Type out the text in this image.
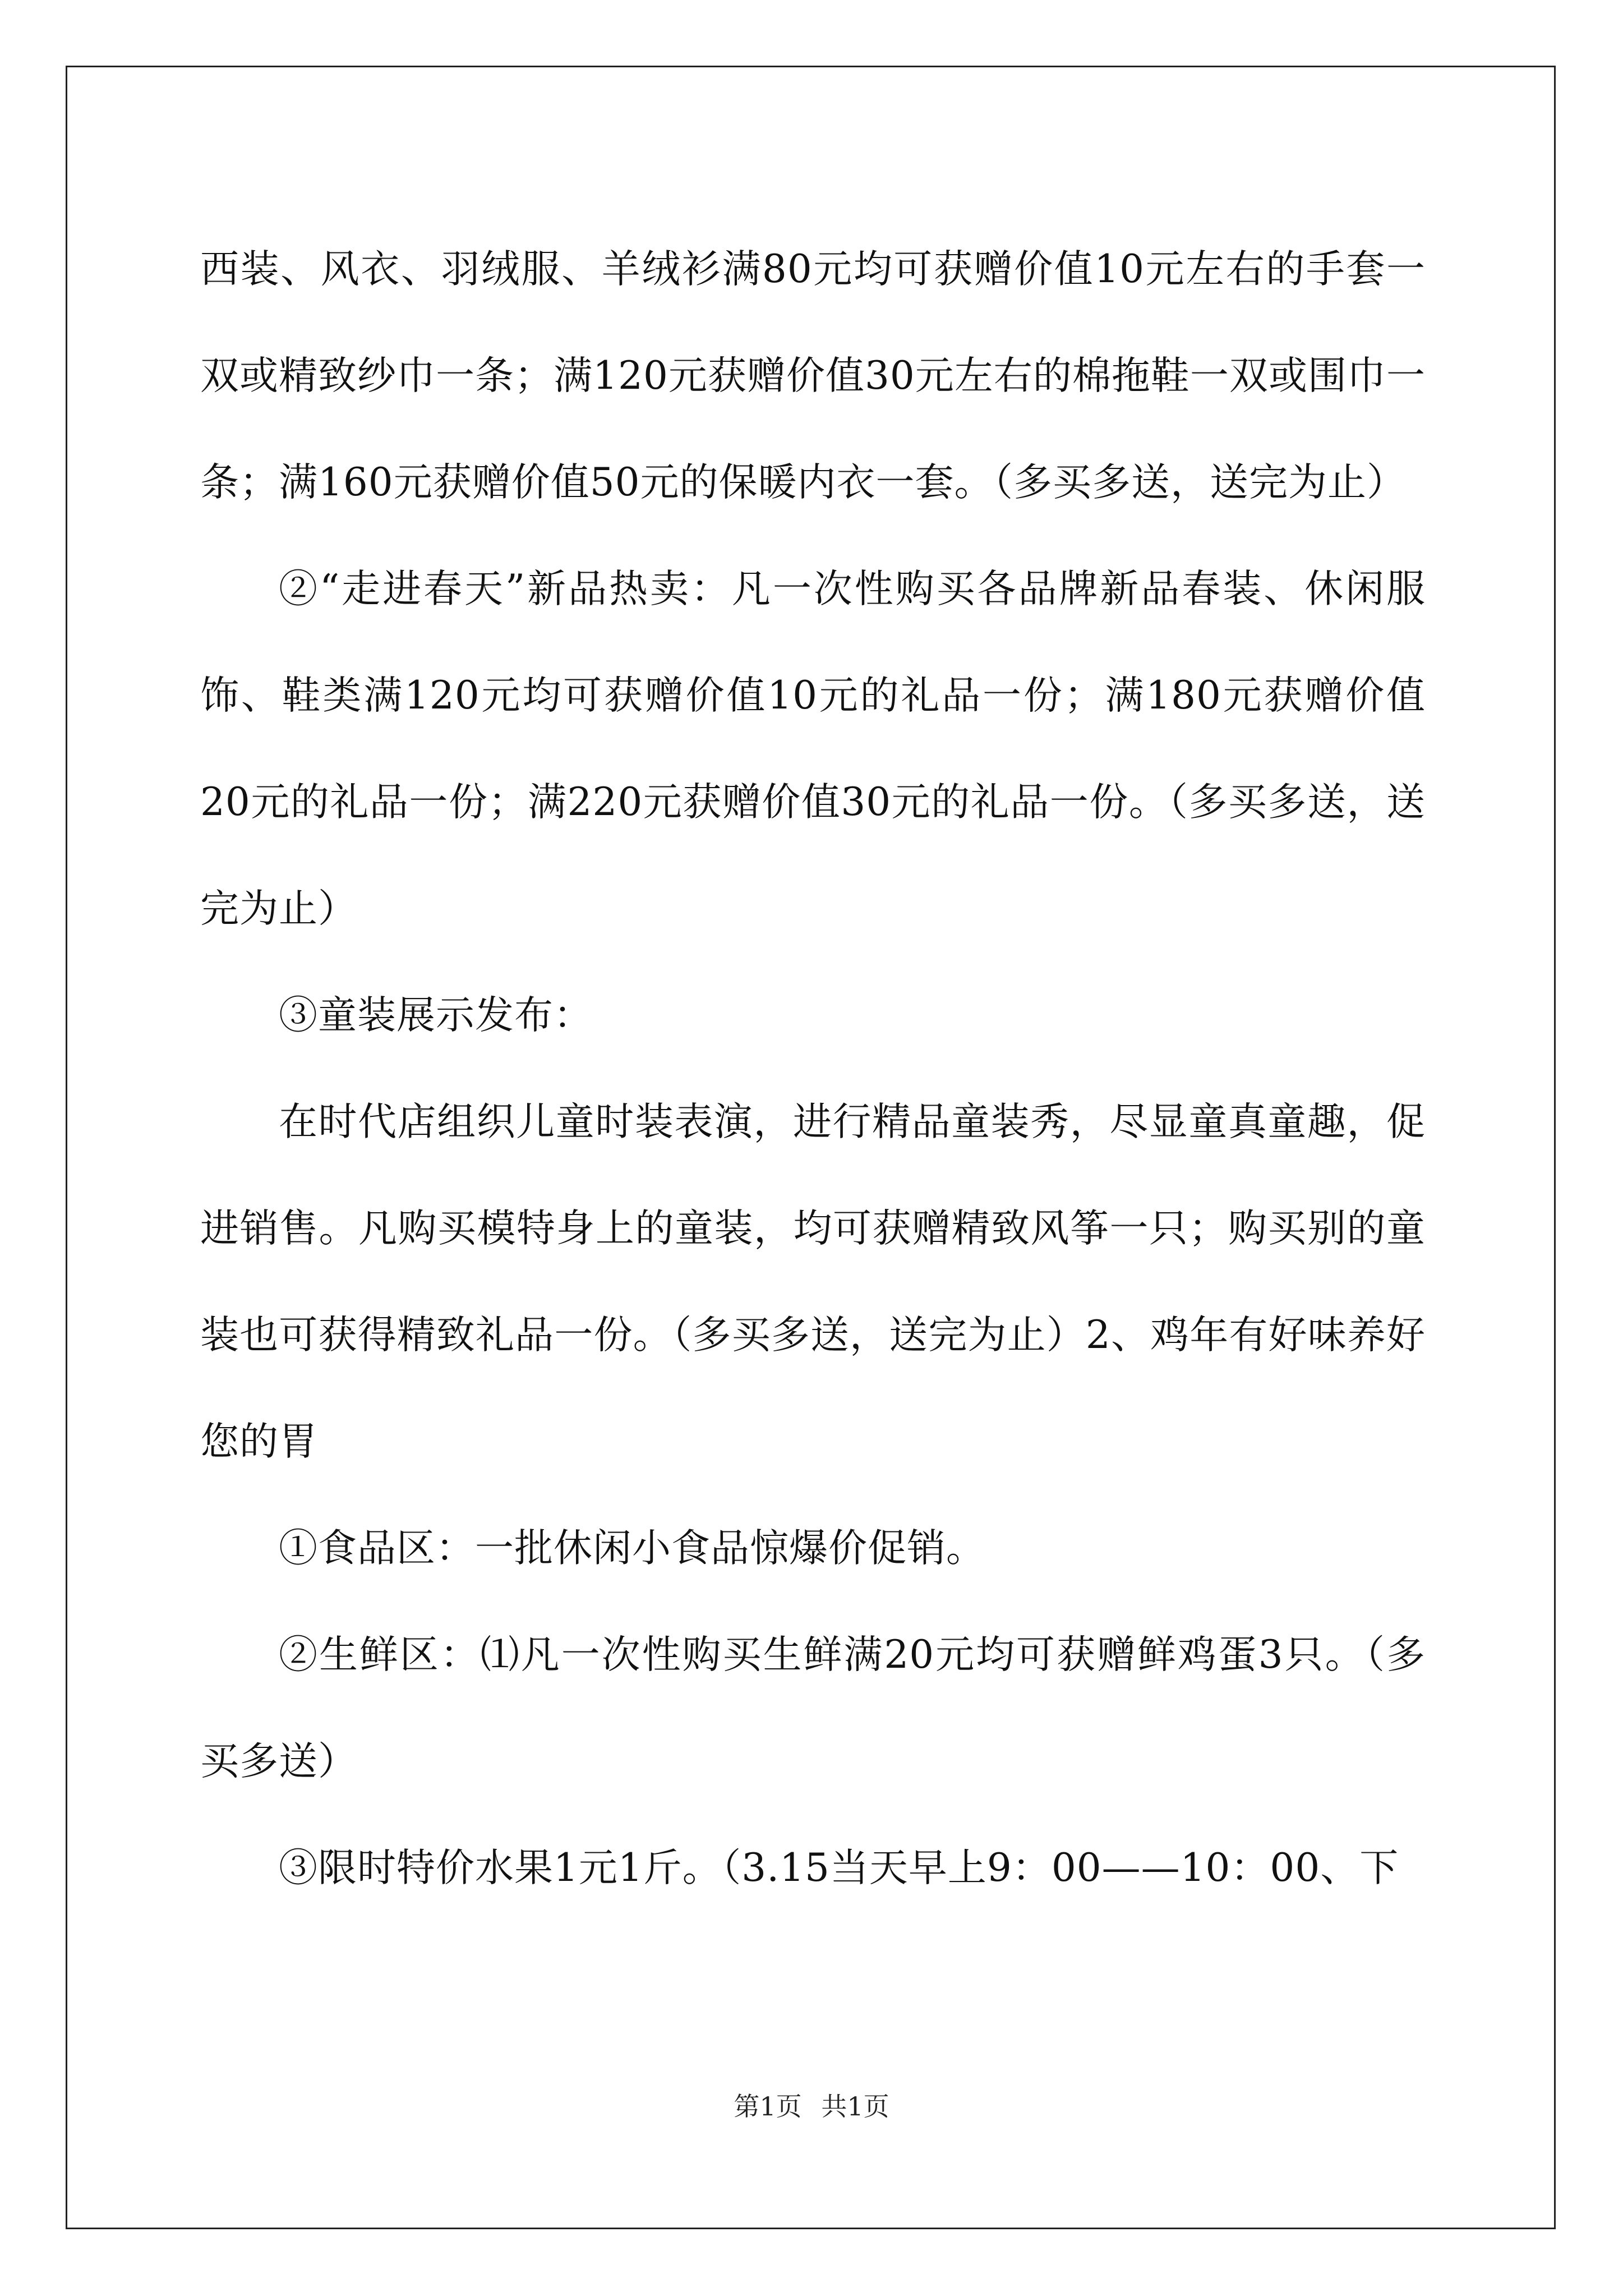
西装、风衣、羽绒服、羊绒衫满80元均可获赠价值10元左右的手套一双或精致纱巾一条；满120元获赠价值30元左右的棉拖鞋一双或围巾一条；满160元获赠价值50元的保暖内衣一套。（多买多送，送完为止）

②“走进春天”新品热卖：凡一次性购买各品牌新品春装、休闲服饰、鞋类满120元均可获赠价值10元的礼品一份；满180元获赠价值20元的礼品一份；满220元获赠价值30元的礼品一份。（多买多送，送完为止）

③童装展示发布：

在时代店组织儿童时装表演，进行精品童装秀，尽显童真童趣，促进销售。凡购买模特身上的童装，均可获赠精致风筝一只；购买别的童装也可获得精致礼品一份。（多买多送，送完为止）2、鸡年有好味养好您的胃

①食品区：一批休闲小食品惊爆价促销。

②生鲜区：⑴凡一次性购买生鲜满20元均可获赠鲜鸡蛋3只。（多买多送）

③限时特价水果1元1斤。（3.15当天早上9：00——10：00、下

第1页 共1页
